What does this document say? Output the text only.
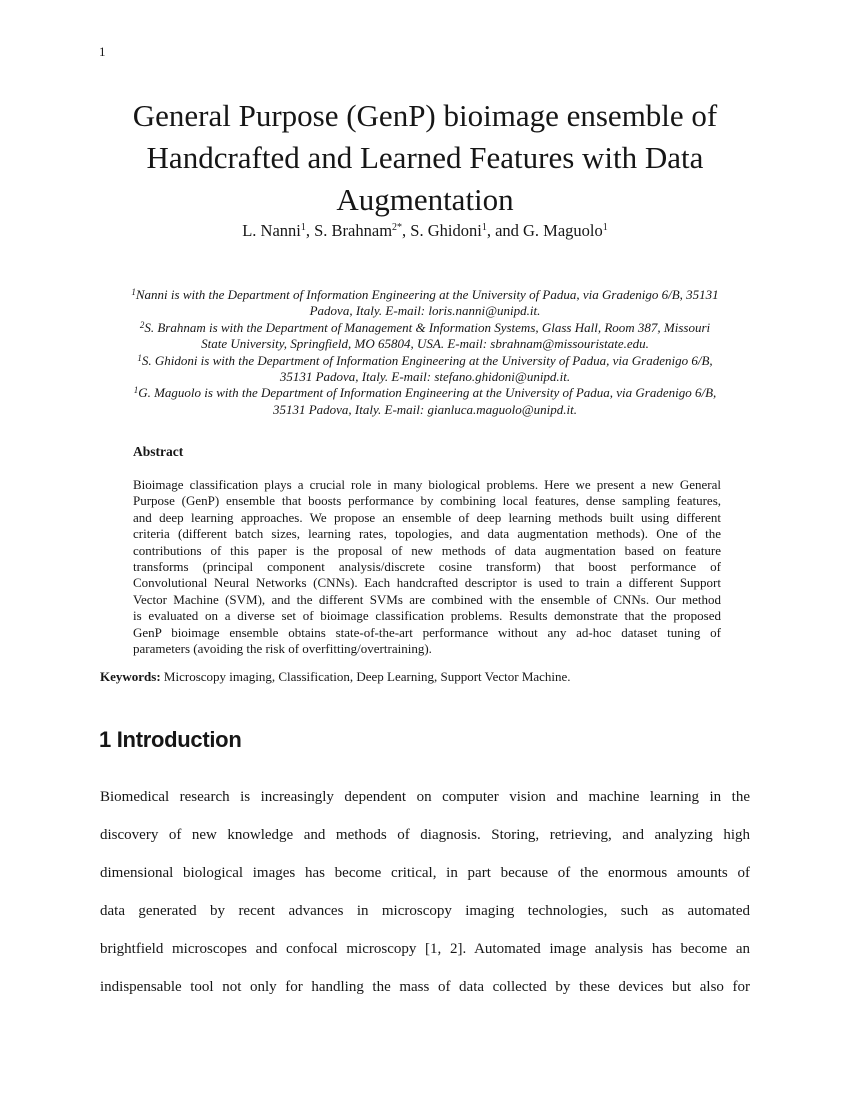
1
General Purpose (GenP) bioimage ensemble of
Handcrafted and Learned Features with Data
Augmentation
L. Nanni$^1$, S. Brahnam$^{2*}$, S. Ghidoni$^1$, and G. Maguolo$^1$
$^1$Nanni is with the Department of Information Engineering at the University of Padua, via Gradenigo 6/B, 35131
Padova, Italy. E-mail: loris.nanni@unipd.it.
$^2$S. Brahnam is with the Department of Management & Information Systems, Glass Hall, Room 387, Missouri
State University, Springfield, MO 65804, USA. E-mail: sbrahnam@missouristate.edu.
$^1$S. Ghidoni is with the Department of Information Engineering at the University of Padua, via Gradenigo 6/B,
35131 Padova, Italy. E-mail: stefano.ghidoni@unipd.it.
$^1$G. Maguolo is with the Department of Information Engineering at the University of Padua, via Gradenigo 6/B,
35131 Padova, Italy. E-mail: gianluca.maguolo@unipd.it.
Abstract
Bioimage classification plays a crucial role in many biological problems. Here we present a new General
Purpose (GenP) ensemble that boosts performance by combining local features, dense sampling features,
and deep learning approaches. We propose an ensemble of deep learning methods built using different
criteria (different batch sizes, learning rates, topologies, and data augmentation methods). One of the
contributions of this paper is the proposal of new methods of data augmentation based on feature
transforms (principal component analysis/discrete cosine transform) that boost performance of
Convolutional Neural Networks (CNNs). Each handcrafted descriptor is used to train a different Support
Vector Machine (SVM), and the different SVMs are combined with the ensemble of CNNs. Our method
is evaluated on a diverse set of bioimage classification problems. Results demonstrate that the proposed
GenP bioimage ensemble obtains state-of-the-art performance without any ad-hoc dataset tuning of
parameters (avoiding the risk of overfitting/overtraining).
Keywords: Microscopy imaging, Classification, Deep Learning, Support Vector Machine.
1 Introduction
Biomedical research is increasingly dependent on computer vision and machine learning in the
discovery of new knowledge and methods of diagnosis. Storing, retrieving, and analyzing high
dimensional biological images has become critical, in part because of the enormous amounts of
data generated by recent advances in microscopy imaging technologies, such as automated
brightfield microscopes and confocal microscopy [1, 2]. Automated image analysis has become an
indispensable tool not only for handling the mass of data collected by these devices but also for
